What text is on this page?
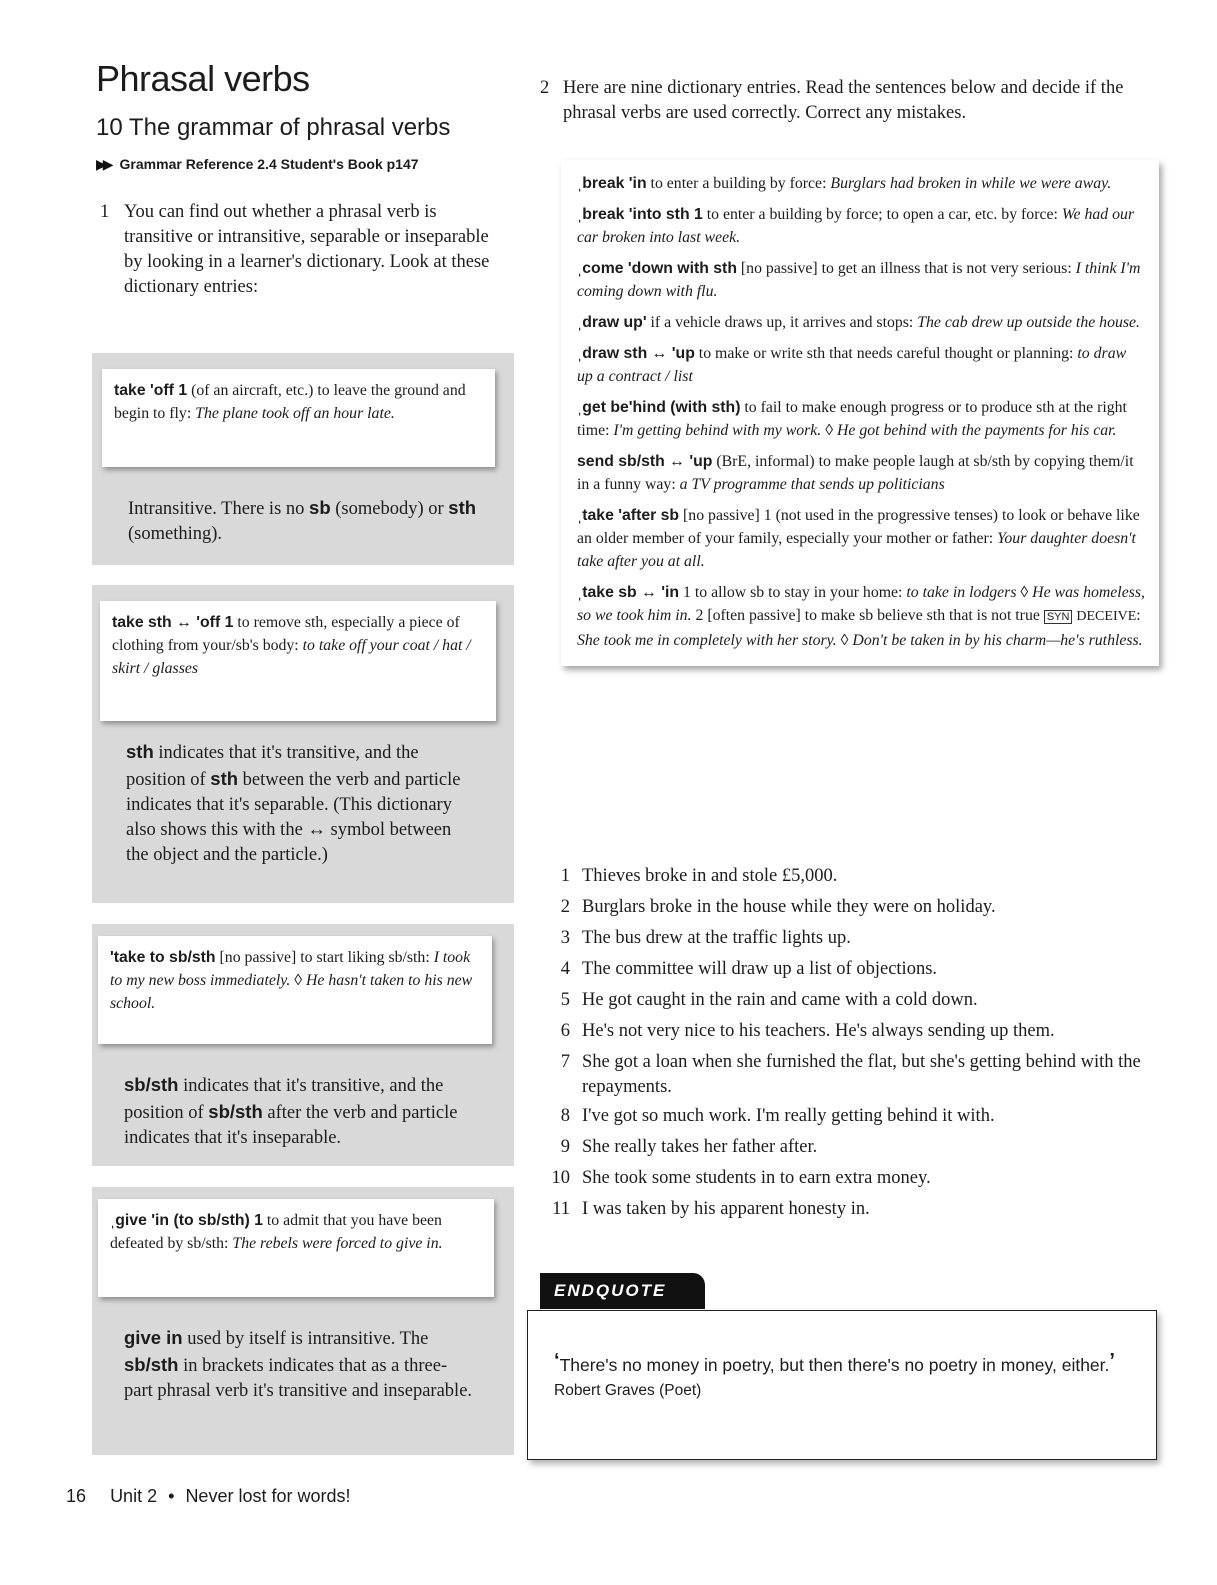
Phrasal verbs
10 The grammar of phrasal verbs
▶▶ Grammar Reference 2.4 Student's Book p147
1 You can find out whether a phrasal verb is transitive or intransitive, separable or inseparable by looking in a learner's dictionary. Look at these dictionary entries:
take 'off 1 (of an aircraft, etc.) to leave the ground and begin to fly: The plane took off an hour late.
Intransitive. There is no sb (somebody) or sth (something).
take sth ↔ 'off 1 to remove sth, especially a piece of clothing from your/sb's body: to take off your coat / hat / skirt / glasses
sth indicates that it's transitive, and the position of sth between the verb and particle indicates that it's separable. (This dictionary also shows this with the ↔ symbol between the object and the particle.)
'take to sb/sth [no passive] to start liking sb/sth: I took to my new boss immediately. ◊ He hasn't taken to his new school.
sb/sth indicates that it's transitive, and the position of sb/sth after the verb and particle indicates that it's inseparable.
ˌgive 'in (to sb/sth) 1 to admit that you have been defeated by sb/sth: The rebels were forced to give in.
give in used by itself is intransitive. The sb/sth in brackets indicates that as a three-part phrasal verb it's transitive and inseparable.
2 Here are nine dictionary entries. Read the sentences below and decide if the phrasal verbs are used correctly. Correct any mistakes.
ˌbreak 'in to enter a building by force: Burglars had broken in while we were away.
ˌbreak 'into sth 1 to enter a building by force; to open a car, etc. by force: We had our car broken into last week.
ˌcome 'down with sth [no passive] to get an illness that is not very serious: I think I'm coming down with flu.
ˌdraw up' if a vehicle draws up, it arrives and stops: The cab drew up outside the house.
ˌdraw sth ↔ 'up to make or write sth that needs careful thought or planning: to draw up a contract / list
ˌget be'hind (with sth) to fail to make enough progress or to produce sth at the right time: I'm getting behind with my work. ◊ He got behind with the payments for his car.
send sb/sth ↔ 'up (BrE, informal) to make people laugh at sb/sth by copying them/it in a funny way: a TV programme that sends up politicians
ˌtake 'after sb [no passive] 1 (not used in the progressive tenses) to look or behave like an older member of your family, especially your mother or father: Your daughter doesn't take after you at all.
ˌtake sb ↔ 'in 1 to allow sb to stay in your home: to take in lodgers ◊ He was homeless, so we took him in. 2 [often passive] to make sb believe sth that is not true SYN DECEIVE: She took me in completely with her story. ◊ Don't be taken in by his charm—he's ruthless.
1 Thieves broke in and stole £5,000.
2 Burglars broke in the house while they were on holiday.
3 The bus drew at the traffic lights up.
4 The committee will draw up a list of objections.
5 He got caught in the rain and came with a cold down.
6 He's not very nice to his teachers. He's always sending up them.
7 She got a loan when she furnished the flat, but she's getting behind with the repayments.
8 I've got so much work. I'm really getting behind it with.
9 She really takes her father after.
10 She took some students in to earn extra money.
11 I was taken by his apparent honesty in.
ENDQUOTE
‘There's no money in poetry, but then there's no poetry in money, either.’
Robert Graves (Poet)
16 Unit 2 • Never lost for words!
